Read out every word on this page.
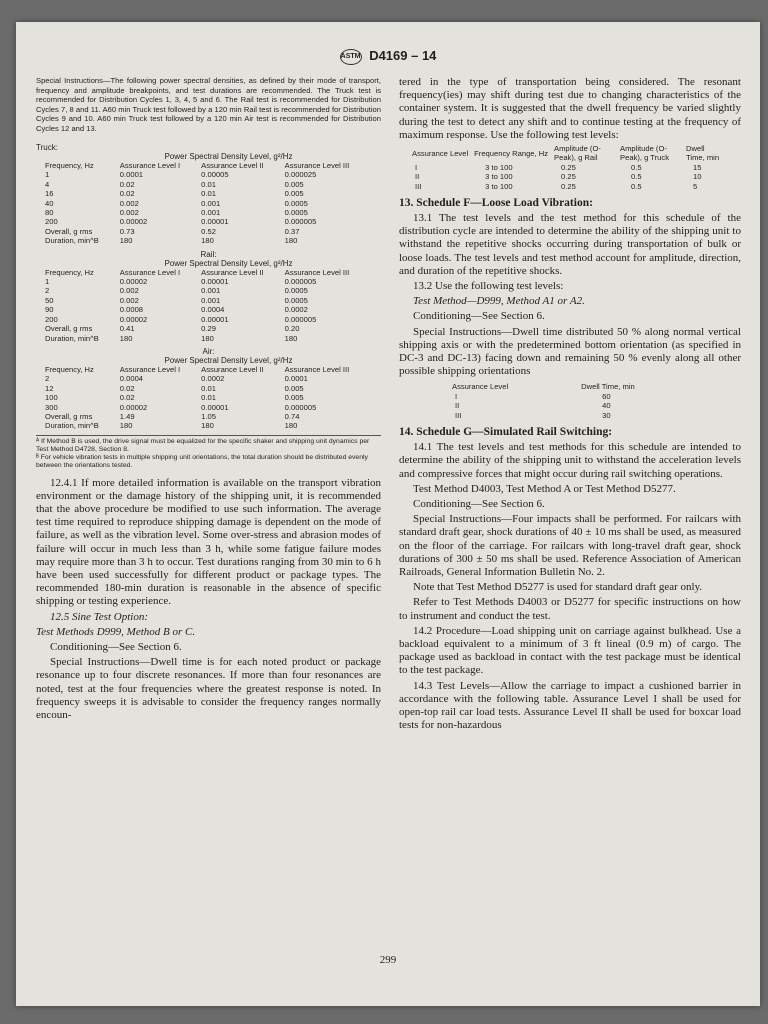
ASTM D4169 – 14
Special Instructions—The following power spectral densities, as defined by their mode of transport, frequency and amplitude breakpoints, and test durations are recommended. The Truck test is recommended for Distribution Cycles 1, 3, 4, 5 and 6. The Rail test is recommended for Distribution Cycles 7, 8 and 11. A60 min Truck test followed by a 120 min Rail test is recommended for Distribution Cycles 9 and 10. A60 min Truck test followed by a 120 min Air test is recommended for Distribution Cycles 12 and 13.
Truck:
Power Spectral Density Level, g²/Hz
Frequency, Hz	Assurance Level I	Assurance Level II	Assurance Level III
1	0.0001	0.00005	0.000025
4	0.02	0.01	0.005
16	0.02	0.01	0.005
40	0.002	0.001	0.0005
80	0.002	0.001	0.0005
200	0.00002	0.00001	0.000005
Overall, g rms	0.73	0.52	0.37
Duration, min^B	180	180	180
Rail:
Power Spectral Density Level, g²/Hz
Frequency, Hz	Assurance Level I	Assurance Level II	Assurance Level III
1	0.00002	0.00001	0.000005
2	0.002	0.001	0.0005
50	0.002	0.001	0.0005
90	0.0008	0.0004	0.0002
200	0.00002	0.00001	0.000005
Overall, g rms	0.41	0.29	0.20
Duration, min^B	180	180	180
Air:
Power Spectral Density Level, g²/Hz
Frequency, Hz	Assurance Level I	Assurance Level II	Assurance Level III
2	0.0004	0.0002	0.0001
12	0.02	0.01	0.005
100	0.02	0.01	0.005
300	0.00002	0.00001	0.000005
Overall, g rms	1.49	1.05	0.74
Duration, min^B	180	180	180
ᴬ If Method B is used, the drive signal must be equalized for the specific shaker and shipping unit dynamics per Test Method D4728, Section 8.
ᴮ For vehicle vibration tests in multiple shipping unit orientations, the total duration should be distributed evenly between the orientations tested.

12.4.1 If more detailed information is available on the transport vibration environment or the damage history of the shipping unit, it is recommended that the above procedure be modified to use such information. The average test time required to reproduce shipping damage is dependent on the mode of failure, as well as the vibration level. Some over-stress and abrasion modes of failure will occur in much less than 3 h, while some fatigue failure modes may require more than 3 h to occur. Test durations ranging from 30 min to 6 h have been used successfully for different product or package types. The recommended 180-min duration is reasonable in the absence of specific shipping or testing experience.

12.5 Sine Test Option:

Test Methods D999, Method B or C.

Conditioning—See Section 6.

Special Instructions—Dwell time is for each noted product or package resonance up to four discrete resonances. If more than four resonances are noted, test at the four frequencies where the greatest response is noted. In frequency sweeps it is advisable to consider the frequency ranges normally encoun-

tered in the type of transportation being considered. The resonant frequency(ies) may shift during test due to changing characteristics of the container system. It is suggested that the dwell frequency be varied slightly during the test to detect any shift and to continue testing at the frequency of maximum response. Use the following test levels:

Assurance Level	Frequency Range, Hz	Amplitude (O-Peak), g Rail	Amplitude (O-Peak), g Truck	Dwell Time, min
I	3 to 100	0.25	0.5	15
II	3 to 100	0.25	0.5	10
III	3 to 100	0.25	0.5	5
13. Schedule F—Loose Load Vibration:

13.1 The test levels and the test method for this schedule of the distribution cycle are intended to determine the ability of the shipping unit to withstand the repetitive shocks occurring during transportation of bulk or loose loads. The test levels and test method account for amplitude, direction, and duration of the repetitive shocks.

13.2 Use the following test levels:

Test Method—D999, Method A1 or A2.

Conditioning—See Section 6.

Special Instructions—Dwell time distributed 50 % along normal vertical shipping axis or with the predetermined bottom orientation (as specified in DC-3 and DC-13) facing down and remaining 50 % evenly along all other possible shipping orientations

Assurance Level	Dwell Time, min
I	60
II	40
III	30
14. Schedule G—Simulated Rail Switching:

14.1 The test levels and test methods for this schedule are intended to determine the ability of the shipping unit to withstand the acceleration levels and compressive forces that might occur during rail switching operations.

Test Method D4003, Test Method A or Test Method D5277.

Conditioning—See Section 6.

Special Instructions—Four impacts shall be performed. For railcars with standard draft gear, shock durations of 40 ± 10 ms shall be used, as measured on the floor of the carriage. For railcars with long-travel draft gear, shock durations of 300 ± 50 ms shall be used. Reference Association of American Railroads, General Information Bulletin No. 2.

Note that Test Method D5277 is used for standard draft gear only.

Refer to Test Methods D4003 or D5277 for specific instructions on how to instrument and conduct the test.

14.2 Procedure—Load shipping unit on carriage against bulkhead. Use a backload equivalent to a minimum of 3 ft lineal (0.9 m) of cargo. The package used as backload in contact with the test package must be identical to the test package.

14.3 Test Levels—Allow the carriage to impact a cushioned barrier in accordance with the following table. Assurance Level I shall be used for open-top rail car load tests. Assurance Level II shall be used for boxcar load tests for non-hazardous

299
